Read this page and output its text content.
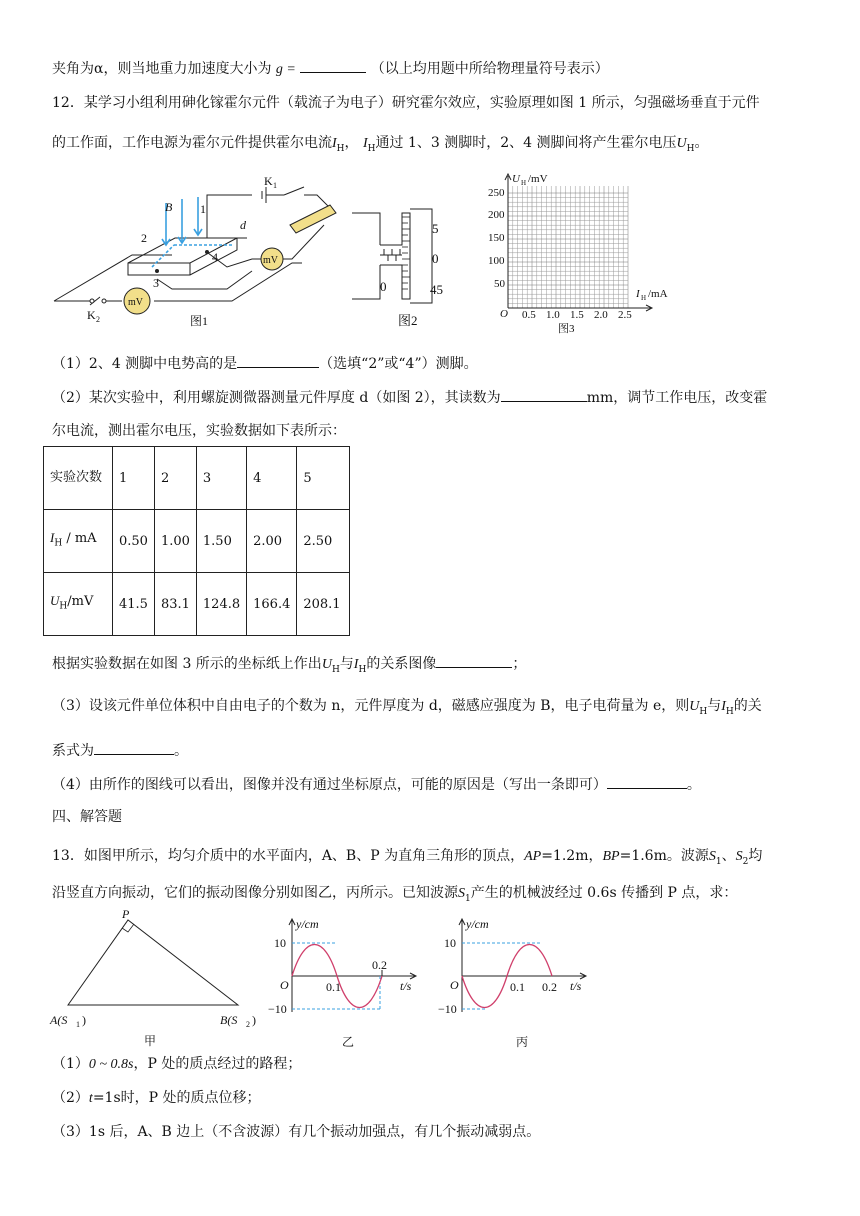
夹角为α，则当地重力加速度大小为 g =	（以上均用题中所给物理量符号表示）
12．某学习小组利用砷化镓霍尔元件（载流子为电子）研究霍尔效应，实验原理如图 1 所示，匀强磁场垂直于元件
的工作面，工作电源为霍尔元件提供霍尔电流$I_H$， $I_H$通过 1、3 测脚时，2、4 测脚间将产生霍尔电压$U_H$。
B 1
2
3
4
d
K 1
K 2
mV
mV
图1
5
0
45
0
图2
U H /mV
I H /mA
O
250
200
150
100
50
0.5 1.0 1.5 2.0 2.5
图3
（1）2、4 测脚中电势高的是	（选填“2”或“4”）测脚。
（2）某次实验中，利用螺旋测微器测量元件厚度 d（如图 2），其读数为	mm，调节工作电压，改变霍
尔电流，测出霍尔电压，实验数据如下表所示：
实验次数	1	2	3	4	5
$I_H$ / mA	0.50	1.00	1.50	2.00	2.50
$U_H/mV$	41.5	83.1	124.8	166.4	208.1
根据实验数据在如图 3 所示的坐标纸上作出$U_H$与$I_H$的关系图像	；
（3）设该元件单位体积中自由电子的个数为 n，元件厚度为 d，磁感应强度为 B，电子电荷量为 e，则$U_H$与$I_H$的关
系式为	。
（4）由所作的图线可以看出，图像并没有通过坐标原点，可能的原因是（写出一条即可）	。
四、解答题
13．如图甲所示，均匀介质中的水平面内，A、B、P 为直角三角形的顶点，AP=1.2m，BP=1.6m。波源$S_1$、$S_2$均
沿竖直方向振动，它们的振动图像分别如图乙，丙所示。已知波源$S_1$产生的机械波经过 0.6s 传播到 P 点，求：
P
A(S 1 )	B(S 2 )
甲
y/cm
t/s
O
10
−10
0.1
0.2
乙
y/cm
t/s
O
10
−10
0.1 0.2
丙
（1）0 ~ 0.8s，P 处的质点经过的路程；
（2）t=1s时，P 处的质点位移；
（3）1s 后，A、B 边上（不含波源）有几个振动加强点，有几个振动减弱点。
